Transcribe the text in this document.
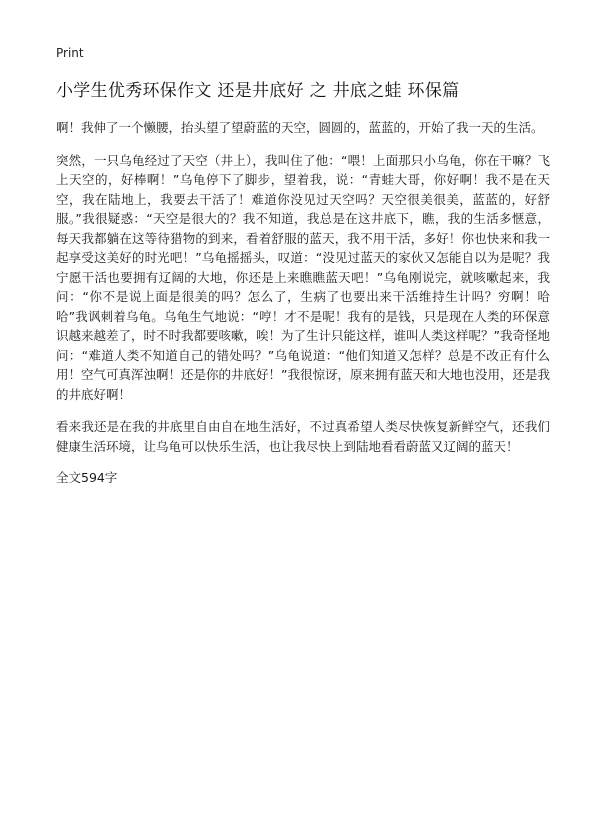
Print
小学生优秀环保作文 还是井底好 之 井底之蛙 环保篇

啊！我伸了一个懒腰，抬头望了望蔚蓝的天空，圆圆的，蓝蓝的，开始了我一天的生活。

突然，一只乌龟经过了天空（井上），我叫住了他：“喂！上面那只小乌龟，你在干嘛？飞上天空的，好棒啊！”乌龟停下了脚步，望着我，说：“青蛙大哥，你好啊！我不是在天空，我在陆地上，我要去干活了！难道你没见过天空吗？天空很美很美，蓝蓝的，好舒服。”我很疑惑：“天空是很大的？我不知道，我总是在这井底下，瞧，我的生活多惬意，每天我都躺在这等待猎物的到来，看着舒服的蓝天，我不用干活，多好！你也快来和我一起享受这美好的时光吧！”乌龟摇摇头，叹道：“没见过蓝天的家伙又怎能自以为是呢？我宁愿干活也要拥有辽阔的大地，你还是上来瞧瞧蓝天吧！”乌龟刚说完，就咳嗽起来，我问：“你不是说上面是很美的吗？怎么了，生病了也要出来干活维持生计吗？穷啊！哈哈”我讽刺着乌龟。乌龟生气地说：“哼！才不是呢！我有的是钱，只是现在人类的环保意识越来越差了，时不时我都要咳嗽，唉！为了生计只能这样，谁叫人类这样呢？”我奇怪地问：“难道人类不知道自己的错处吗？”乌龟说道：“他们知道又怎样？总是不改正有什么用！空气可真浑浊啊！还是你的井底好！”我很惊讶，原来拥有蓝天和大地也没用，还是我的井底好啊！

看来我还是在我的井底里自由自在地生活好，不过真希望人类尽快恢复新鲜空气，还我们健康生活环境，让乌龟可以快乐生活，也让我尽快上到陆地看看蔚蓝又辽阔的蓝天！

全文594字
